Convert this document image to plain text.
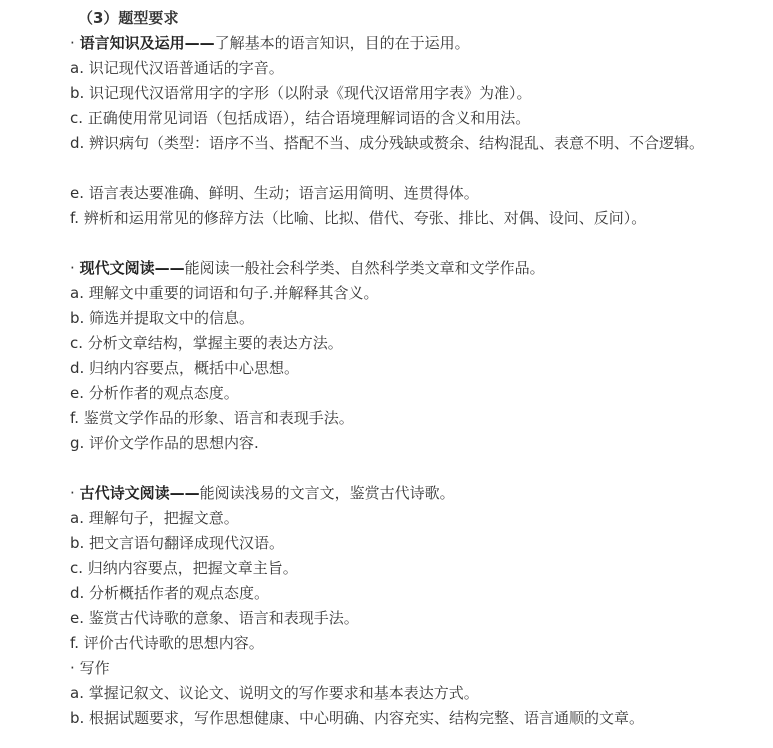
（3）题型要求
· 语言知识及运用——了解基本的语言知识，目的在于运用。
a. 识记现代汉语普通话的字音。
b. 识记现代汉语常用字的字形（以附录《现代汉语常用字表》为准）。
c. 正确使用常见词语（包括成语），结合语境理解词语的含义和用法。
d. 辨识病句（类型：语序不当、搭配不当、成分残缺或赘余、结构混乱、表意不明、不合逻辑。
e. 语言表达要准确、鲜明、生动；语言运用简明、连贯得体。
f. 辨析和运用常见的修辞方法（比喻、比拟、借代、夸张、排比、对偶、设问、反问）。
· 现代文阅读——能阅读一般社会科学类、自然科学类文章和文学作品。
a. 理解文中重要的词语和句子.并解释其含义。
b. 筛选并提取文中的信息。
c. 分析文章结构，掌握主要的表达方法。
d. 归纳内容要点，概括中心思想。
e. 分析作者的观点态度。
f. 鉴赏文学作品的形象、语言和表现手法。
g. 评价文学作品的思想内容.
· 古代诗文阅读——能阅读浅易的文言文，鉴赏古代诗歌。
a. 理解句子，把握文意。
b. 把文言语句翻译成现代汉语。
c. 归纳内容要点，把握文章主旨。
d. 分析概括作者的观点态度。
e. 鉴赏古代诗歌的意象、语言和表现手法。
f. 评价古代诗歌的思想内容。
· 写作
a. 掌握记叙文、议论文、说明文的写作要求和基本表达方式。
b. 根据试题要求，写作思想健康、中心明确、内容充实、结构完整、语言通顺的文章。
